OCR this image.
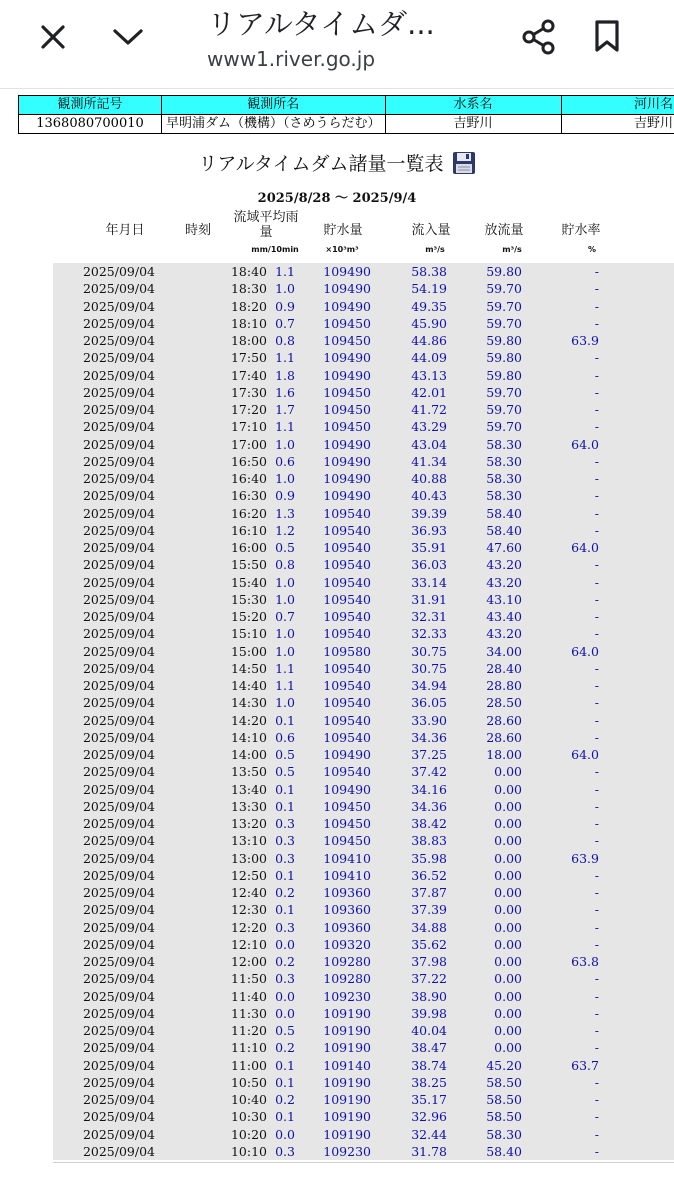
リアルタイムダ...
www1.river.go.jp
観測所記号	観測所名	水系名	河川名
1368080700010	早明浦ダム（機構）（さめうらだむ）	吉野川	吉野川
リアルタイムダム諸量一覧表
2025/8/28 ～ 2025/9/4
年月日	時刻
流域平均雨
量	貯水量	流入量	放流量	貯水率
mm/10min	×10³m³	m³/s	m³/s	%
2025/09/04	18:40 1.1 109490	58.38	59.80	-
2025/09/04	18:30 1.0 109490	54.19	59.70	-
2025/09/04	18:20 0.9 109490	49.35	59.70	-
2025/09/04	18:10 0.7 109450	45.90	59.70	-
2025/09/04	18:00 0.8 109450	44.86	59.80	63.9
2025/09/04	17:50 1.1 109490	44.09	59.80	-
2025/09/04	17:40 1.8 109490	43.13	59.80	-
2025/09/04	17:30 1.6 109450	42.01	59.70	-
2025/09/04	17:20 1.7 109450	41.72	59.70	-
2025/09/04	17:10 1.1 109450	43.29	59.70	-
2025/09/04	17:00 1.0 109490	43.04	58.30	64.0
2025/09/04	16:50 0.6 109490	41.34	58.30	-
2025/09/04	16:40 1.0 109490	40.88	58.30	-
2025/09/04	16:30 0.9 109490	40.43	58.30	-
2025/09/04	16:20 1.3 109540	39.39	58.40	-
2025/09/04	16:10 1.2 109540	36.93	58.40	-
2025/09/04	16:00 0.5 109540	35.91	47.60	64.0
2025/09/04	15:50 0.8 109540	36.03	43.20	-
2025/09/04	15:40 1.0 109540	33.14	43.20	-
2025/09/04	15:30 1.0 109540	31.91	43.10	-
2025/09/04	15:20 0.7 109540	32.31	43.40	-
2025/09/04	15:10 1.0 109540	32.33	43.20	-
2025/09/04	15:00 1.0 109580	30.75	34.00	64.0
2025/09/04	14:50 1.1 109540	30.75	28.40	-
2025/09/04	14:40 1.1 109540	34.94	28.80	-
2025/09/04	14:30 1.0 109540	36.05	28.50	-
2025/09/04	14:20 0.1 109540	33.90	28.60	-
2025/09/04	14:10 0.6 109540	34.36	28.60	-
2025/09/04	14:00 0.5 109490	37.25	18.00	64.0
2025/09/04	13:50 0.5 109540	37.42	0.00	-
2025/09/04	13:40 0.1 109490	34.16	0.00	-
2025/09/04	13:30 0.1 109450	34.36	0.00	-
2025/09/04	13:20 0.3 109450	38.42	0.00	-
2025/09/04	13:10 0.3 109450	38.83	0.00	-
2025/09/04	13:00 0.3 109410	35.98	0.00	63.9
2025/09/04	12:50 0.1 109410	36.52	0.00	-
2025/09/04	12:40 0.2 109360	37.87	0.00	-
2025/09/04	12:30 0.1 109360	37.39	0.00	-
2025/09/04	12:20 0.3 109360	34.88	0.00	-
2025/09/04	12:10 0.0 109320	35.62	0.00	-
2025/09/04	12:00 0.2 109280	37.98	0.00	63.8
2025/09/04	11:50 0.3 109280	37.22	0.00	-
2025/09/04	11:40 0.0 109230	38.90	0.00	-
2025/09/04	11:30 0.0 109190	39.98	0.00	-
2025/09/04	11:20 0.5 109190	40.04	0.00	-
2025/09/04	11:10 0.2 109190	38.47	0.00	-
2025/09/04	11:00 0.1 109140	38.74	45.20	63.7
2025/09/04	10:50 0.1 109190	38.25	58.50	-
2025/09/04	10:40 0.2 109190	35.17	58.50	-
2025/09/04	10:30 0.1 109190	32.96	58.50	-
2025/09/04	10:20 0.0 109190	32.44	58.30	-
2025/09/04	10:10 0.3 109230	31.78	58.40	-
